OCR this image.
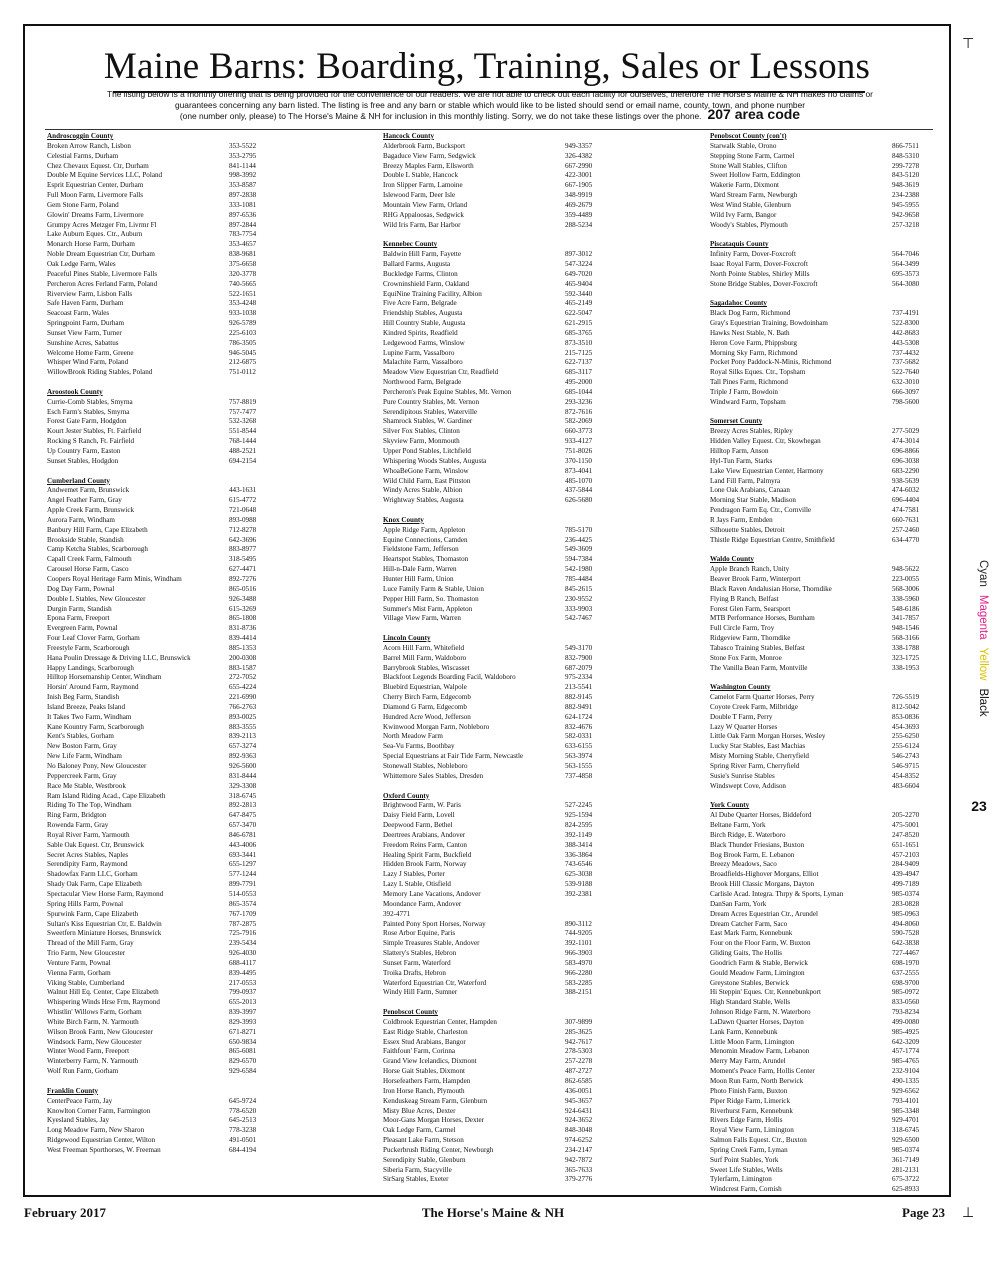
Maine Barns: Boarding, Training, Sales or Lessons
The listing below is a monthly offering that is being provided for the convenience of our readers. We are not able to check out each facility for ourselves, therefore The Horse's Maine & NH makes no claims or guarantees concerning any barn listed. The listing is free and any barn or stable which would like to be listed should send or email name, county, town, and phone number
(one number only, please) to The Horse's Maine & NH for inclusion in this monthly listing. Sorry, we do not take these listings over the phone. 207 area code
Androscoggin County
Broken Arrow Ranch, Lisbon	353-5522
Celestial Farms, Durham	353-2795
Chez Chevaux Equest. Ctr, Durham	841-1144
Double M Equine Services LLC, Poland	998-3992
Esprit Equestrian Center, Durham	353-8587
Full Moon Farm, Livermore Falls	897-2838
Gem Stone Farm, Poland	333-1081
Glowin' Dreams Farm, Livermore	897-6536
Grumpy Acres Metzger Fm, Livrmr Fl	897-2844
Lake Auburn Eques. Ctr., Auburn	783-7754
Monarch Horse Farm, Durham	353-4657
Noble Dream Equestrian Ctr, Durham	838-9681
Oak Ledge Farm, Wales	375-6658
Peaceful Pines Stable, Livermore Falls	320-3778
Percheron Acres Ferland Farm, Poland	740-5665
Riverview Farm, Lisbon Falls	522-1651
Safe Haven Farm, Durham	353-4248
Seacoast Farm, Wales	933-1038
Springpoint Farm, Durham	926-5789
Sunset View Farm, Turner	225-6103
Sunshine Acres, Sabattus	786-3505
Welcome Home Farm, Greene	946-5045
Whisper Wind Farm, Poland	212-6875
WillowBrook Riding Stables, Poland	751-0112
Aroostook County
Currie-Comb Stables, Smyrna	757-8819
Esch Farm's Stables, Smyrna	757-7477
Forest Gate Farm, Hodgdon	532-3268
Kourt Jester Stables, Ft. Fairfield	551-8544
Rocking S Ranch, Ft. Fairfield	768-1444
Up Country Farm, Easton	488-2521
Sunset Stables, Hodgdon	694-2154
Cumberland County
Andwemet Farm, Brunswick	443-1631
Angel Feather Farm, Gray	615-4772
Apple Creek Farm, Brunswick	721-0648
Aurora Farm, Windham	893-0988
Banbury Hill Farm, Cape Elizabeth	712-8278
Brookside Stable, Standish	642-3696
Camp Ketcha Stables, Scarborough	883-8977
Capall Creek Farm, Falmouth	318-5495
Carousel Horse Farm, Casco	627-4471
Coopers Royal Heritage Farm Minis, Windham	892-7276
Dog Day Farm, Pownal	865-0516
Double L Stables, New Gloucester	926-3488
Durgin Farm, Standish	615-3269
Epona Farm, Freeport	865-1808
Evergreen Farm, Pownal	831-8736
Four Leaf Clover Farm, Gorham	839-4414
Freestyle Farm, Scarborough	885-1353
Hana Poulin Dressage & Driving LLC, Brunswick	200-0308
Happy Landings, Scarborough	883-1587
Hilltop Horsemanship Center, Windham	272-7052
Horsin' Around Farm, Raymond	655-4224
Inish Beg Farm, Standish	221-6990
Island Breeze, Peaks Island	766-2763
It Takes Two Farm, Windham	893-0025
Kane Kountry Farm, Scarborough	883-3555
Kent's Stables, Gorham	839-2113
New Boston Farm, Gray	657-3274
New Life Farm, Windham	892-9363
No Baloney Pony, New Gloucester	926-5600
Peppercreek Farm, Gray	831-8444
Race Me Stable, Westbrook	329-3308
Ram Island Riding Acad., Cape Elizabeth	318-6745
Riding To The Top, Windham	892-2813
Ring Farm, Bridgton	647-8475
Rowenda Farm, Gray	657-3470
Royal River Farm, Yarmouth	846-6781
Sable Oak Equest. Ctr, Brunswick	443-4006
Secret Acres Stables, Naples	693-3441
Serendipity Farm, Raymond	655-1297
Shadowfax Farm LLC, Gorham	577-1244
Shady Oak Farm, Cape Elizabeth	899-7791
Spectacular View Horse Farm, Raymond	514-0553
Spring Hills Farm, Pownal	865-3574
Spurwink Farm, Cape Elizabeth	767-1709
Sultan's Kiss Equestrian Ctr, E. Baldwin	787-2875
Sweetfern Miniature Horses, Brunswick	725-7916
Thread of the Mill Farm, Gray	239-5434
Trio Farm, New Gloucester	926-4030
Venture Farm, Pownal	688-4117
Vienna Farm, Gorham	839-4495
Viking Stable, Cumberland	217-0553
Walnut Hill Eq. Center, Cape Elizabeth	799-0937
Whispering Winds Hrse Frm, Raymond	655-2013
Whistlin' Willows Farm, Gorham	839-3997
White Birch Farm, N. Yarmouth	829-3993
Wilson Brook Farm, New Gloucester	671-8271
Windsock Farm, New Gloucester	650-9834
Winter Wood Farm, Freeport	865-6081
Winterberry Farm, N. Yarmouth	829-6570
Wolf Run Farm, Gorham	929-6584
Franklin County
CenterPeace Farm, Jay	645-9724
Knowlton Corner Farm, Farmington	778-6520
Kyesland Stables, Jay	645-2513
Long Meadow Farm, New Sharon	778-3238
Ridgewood Equestrian Center, Wilton	491-0501
West Freeman Sporthorses, W. Freeman	684-4194
Hancock County
Alderbrook Farm, Bucksport	949-3357
Bagaduce View Farm, Sedgwick	326-4382
Breezy Maples Farm, Ellsworth	667-2990
Double L Stable, Hancock	422-3001
Iron Slipper Farm, Lamoine	667-1905
Islewood Farm, Deer Isle	348-9919
Mountain View Farm, Orland	469-2679
RHG Appaloosas, Sedgwick	359-4489
Wild Iris Farm, Bar Harbor	288-5234
Kennebec County
Baldwin Hill Farm, Fayette	897-3012
Ballard Farms, Augusta	547-3224
Buckledge Farms, Clinton	649-7020
Crowninshield Farm, Oakland	465-9404
EquiNine Training Facility, Albion	592-3440
Five Acre Farm, Belgrade	465-2149
Friendship Stables, Augusta	622-5047
Hill Country Stable, Augusta	621-2915
Kindred Spirits, Readfield	685-3765
Ledgewood Farms, Winslow	873-3510
Lupine Farm, Vassalboro	215-7125
Malachite Farm, Vassalboro	622-7137
Meadow View Equestrian Ctr, Readfield	685-3117
Northwood Farm, Belgrade	495-2000
Percheron's Peak Equine Stables, Mt. Vernon	685-1044
Pure Country Stables, Mt. Vernon	293-3236
Serendipitous Stables, Waterville	872-7616
Shamrock Stables, W. Gardiner	582-2069
Silver Fox Stables, Clinton	660-3773
Skyview Farm, Monmouth	933-4127
Upper Pond Stables, Litchfield	751-8026
Whispering Woods Stables, Augusta	370-1150
WhoaBeGone Farm, Winslow	873-4041
Wild Child Farm, East Pittston	485-1070
Windy Acres Stable, Albion	437-5844
Wrightway Stables, Augusta	626-5680
Knox County
Apple Ridge Farm, Appleton	785-5170
Equine Connections, Camden	236-4425
Fieldstone Farm, Jefferson	549-3609
Heartspot Stables, Thomaston	594-7384
Hill-n-Dale Farm, Warren	542-1980
Hunter Hill Farm, Union	785-4484
Luce Family Farm & Stable, Union	845-2615
Pepper Hill Farm, So. Thomaston	230-9552
Summer's Mist Farm, Appleton	333-9903
Village View Farm, Warren	542-7467
Lincoln County
Acorn Hill Farm, Whitefield	549-3170
Barrel Mill Farm, Waldoboro	832-7900
Barrybrook Stables, Wiscasset	687-2079
Blackfoot Legends Boarding Facil, Waldoboro	975-2334
Bluebird Equestrian, Walpole	213-5541
Cherry Birch Farm, Edgecomb	882-9145
Diamond G Farm, Edgecomb	882-9491
Hundred Acre Wood, Jefferson	624-1724
Kwinwood Morgan Farm, Nobleboro	832-4676
North Meadow Farm	582-0331
Sea-Vu Farms, Boothbay	633-6155
Special Equestrians at Fair Tide Farm, Newcastle	563-3974
Stonewall Stables, Nobleboro	563-1555
Whittemore Sales Stables, Dresden	737-4858
Oxford County
Brightwood Farm, W. Paris	527-2245
Daisy Field Farm, Lovell	925-1594
Deepwood Farm, Bethel	824-2595
Deertrees Arabians, Andover	392-1149
Freedom Reins Farm, Canton	388-3414
Healing Spirit Farm, Buckfield	336-3864
Hidden Brook Farm, Norway	743-6546
Lazy J Stables, Porter	625-3038
Lazy L Stable, Otisfield	539-9188
Memory Lane Vacations, Andover	392-2381
Moondance Farm, Andover
392-4771
Painted Pony Sport Horses, Norway	890-3112
Rose Arbor Equine, Paris	744-9205
Simple Treasures Stable, Andover	392-1101
Slattery's Stables, Hebron	966-3903
Sunset Farm, Waterford	583-4970
Troika Drafts, Hebron	966-2280
Waterford Equestrian Ctr, Waterford	583-2285
Windy Hill Farm, Sumner	388-2151
Penobscot County
Coldbrook Equestrian Center, Hampden	307-9899
East Ridge Stable, Charleston	285-3625
Essex Stud Arabians, Bangor	942-7617
Faithfoun' Farm, Corinna	278-5303
Grand View Icelandics, Dixmont	257-2278
Horse Gait Stables, Dixmont	487-2727
Horsefeathers Farm, Hampden	862-6585
Iron Horse Ranch, Plymouth	436-0051
Kenduskeag Stream Farm, Glenburn	945-3657
Misty Blue Acres, Dexter	924-6431
Moor-Gans Morgan Horses, Dexter	924-3652
Oak Ledge Farm, Carmel	848-3048
Pleasant Lake Farm, Stetson	974-6252
Puckerbrush Riding Center, Newburgh	234-2147
Serendipity Stable, Glenburn	942-7872
Siberia Farm, Stacyville	365-7633
SirSarg Stables, Exeter	379-2776
Penobscot County (con't)
Starwalk Stable, Orono	866-7511
Stepping Stone Farm, Carmel	848-5310
Stone Wall Stables, Clifton	299-7278
Sweet Hollow Farm, Eddington	843-5120
Wakerie Farm, Dixmont	948-3619
Ward Stream Farm, Newburgh	234-2388
West Wind Stable, Glenburn	945-5955
Wild Ivy Farm, Bangor	942-9658
Woody's Stables, Plymouth	257-3218
Piscataquis County
Infinity Farm, Dover-Foxcroft	564-7046
Isaac Royal Farm, Dover-Foxcroft	564-3499
North Pointe Stables, Shirley Mills	695-3573
Stone Bridge Stables, Dover-Foxcroft	564-3080
Sagadahoc County
Black Dog Farm, Richmond	737-4191
Gray's Equestrian Training, Bowdoinham	522-8300
Hawks Nest Stable, N. Bath	442-8683
Heron Cove Farm, Phippsburg	443-5308
Morning Sky Farm, Richmond	737-4432
Pocket Pony Paddock-N-Minis, Richmond	737-5682
Royal Silks Eques. Ctr., Topsham	522-7640
Tall Pines Farm, Richmond	632-3010
Triple J Farm, Bowdoin	666-3097
Windward Farm, Topsham	798-5600
Somerset County
Breezy Acres Stables, Ripley	277-5029
Hidden Valley Equest. Ctr, Skowhegan	474-3014
Hilltop Farm, Anson	696-8866
Hyl-Tun Farm, Starks	696-3038
Lake View Equestrian Center, Harmony	683-2290
Land Fill Farm, Palmyra	938-5639
Lone Oak Arabians, Canaan	474-6032
Morning Star Stable, Madison	696-4404
Pendragon Farm Eq. Ctr., Cornville	474-7581
R Jays Farm, Embden	660-7631
Silhouette Stables, Detroit	257-2460
Thistle Ridge Equestrian Centre, Smithfield	634-4770
Waldo County
Apple Branch Ranch, Unity	948-5622
Beaver Brook Farm, Winterport	223-0055
Black Raven Andalusian Horse, Thorndike	568-3006
Flying B Ranch, Belfast	338-5960
Forest Glen Farm, Searsport	548-6186
MTB Performance Horses, Burnham	341-7857
Full Circle Farm, Troy	948-1546
Ridgeview Farm, Thorndike	568-3166
Tabasco Training Stables, Belfast	338-1788
Stone Fox Farm, Monroe	323-1725
The Vanilla Bean Farm, Montville	338-1953
Washington County
Camelot Farm Quarter Horses, Perry	726-5519
Coyote Creek Farm, Milbridge	812-5042
Double T Farm, Perry	853-0836
Lazy W Quarter Horses	454-3693
Little Oak Farm Morgan Horses, Wesley	255-6250
Lucky Star Stables, East Machias	255-6124
Misty Morning Stable, Cherryfield	546-2743
Spring River Farm, Cherryfield	546-9715
Susie's Sunrise Stables	454-8352
Windswept Cove, Addison	483-6604
York County
Al Dube Quarter Horses, Biddeford	205-2270
Beltane Farm, York	475-5001
Birch Ridge, E. Waterboro	247-8520
Black Thunder Friesians, Buxton	651-1651
Bog Brook Farm, E. Lebanon	457-2103
Breezy Meadows, Saco	284-9409
Broadfields-Highover Morgans, Elliot	439-4947
Brook Hill Classic Morgans, Dayton	499-7189
Carlisle Acad. Integra. Thrpy & Sports, Lyman	985-0374
DanSan Farm, York	283-0828
Dream Acres Equestrian Ctr., Arundel	985-0963
Dream Catcher Farm, Saco	494-8060
East Mark Farm, Kennebunk	590-7528
Four on the Floor Farm, W. Buxton	642-3838
Gliding Gaits, The Hollis	727-4467
Goodrich Farm & Stable, Berwick	698-1970
Gould Meadow Farm, Limington	637-2555
Greystone Stables, Berwick	698-9700
Hi Steppin' Eques. Ctr, Kennebunkport	985-0972
High Standard Stable, Wells	833-0560
Johnson Ridge Farm, N. Waterboro	793-8234
LaDawn Quarter Horses, Dayton	499-0080
Lank Farm, Kennebunk	985-4925
Little Moon Farm, Limington	642-3209
Menomin Meadow Farm, Lebanon	457-1774
Merry May Farm, Arundel	985-4765
Moment's Peace Farm, Hollis Center	232-9104
Moon Run Farm, North Berwick	490-1335
Photo Finish Farm, Buxton	929-6562
Piper Ridge Farm, Limerick	793-4101
Riverhurst Farm, Kennebunk	985-3348
Rivers Edge Farm, Hollis	929-4701
Royal View Farm, Limington	318-6745
Salmon Falls Equest. Ctr., Buxton	929-6500
Spring Creek Farm, Lyman	985-0374
Surf Point Stables, York	361-7149
Sweet Life Stables, Wells	281-2131
Tylerfarm, Limington	675-3722
Windcrest Farm, Cornish	625-8933
February 2017	The Horse's Maine & NH	Page 23
CyanMagentaYellowBlack
23
⊤
⊥
